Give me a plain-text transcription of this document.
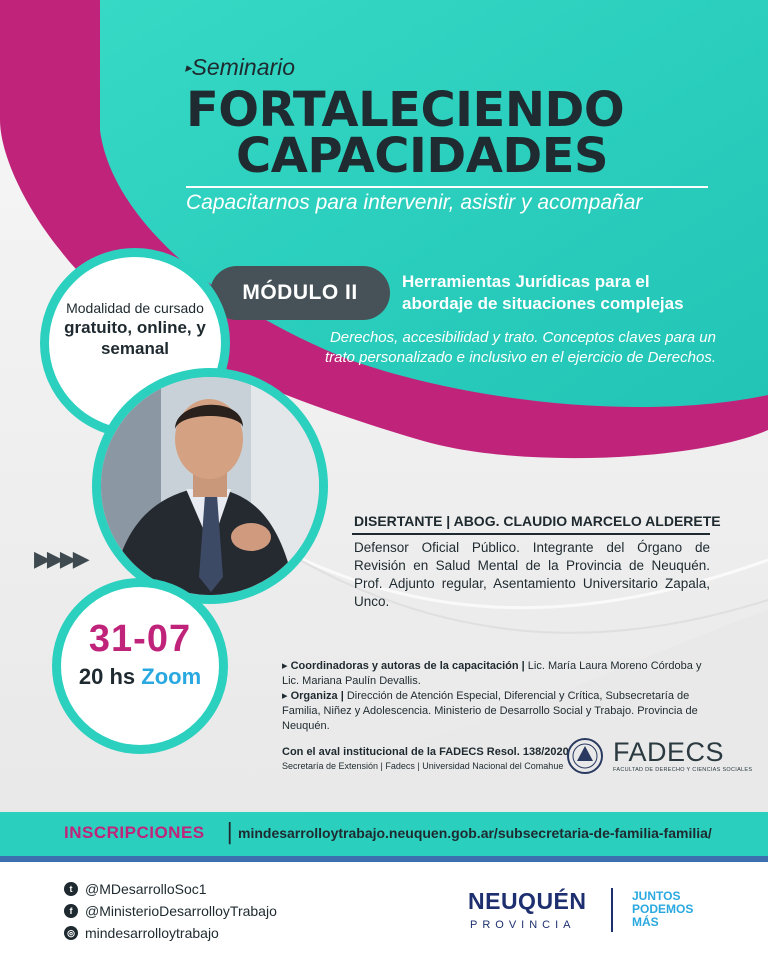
▸Seminario
FORTALECIENDO
CAPACIDADES
Capacitarnos para intervenir, asistir y acompañar
MÓDULO II	Herramientas Jurídicas para el abordaje de situaciones complejas
Derechos, accesibilidad y trato. Conceptos claves para un trato personalizado e inclusivo en el ejercicio de Derechos.
Modalidad de cursado
gratuito, online, y semanal
▶▶▶▶
31-07
20 hs Zoom
DISERTANTE | ABOG. CLAUDIO MARCELO ALDERETE
Defensor Oficial Público. Integrante del Órgano de Revisión en Salud Mental de la Provincia de Neuquén. Prof. Adjunto regular, Asentamiento Universitario Zapala, Unco.
▸ Coordinadoras y autoras de la capacitación | Lic. María Laura Moreno Córdoba y Lic. Mariana Paulín Devallis.
▸ Organiza | Dirección de Atención Especial, Diferencial y Crítica, Subsecretaría de Familia, Niñez y Adolescencia. Ministerio de Desarrollo Social y Trabajo. Provincia de Neuquén.
Con el aval institucional de la FADECS Resol. 138/2020
Secretaría de Extensión | Fadecs | Universidad Nacional del Comahue FADECS
FACULTAD DE DERECHO Y CIENCIAS SOCIALES
INSCRIPCIONES | mindesarrolloytrabajo.neuquen.gob.ar/subsecretaria-de-familia-familia/
t @MDesarrolloSoc1
f @MinisterioDesarrolloyTrabajo
◎ mindesarrolloytrabajo
NEUQUÉN
PROVINCIA
JUNTOS
PODEMOS
MÁS
